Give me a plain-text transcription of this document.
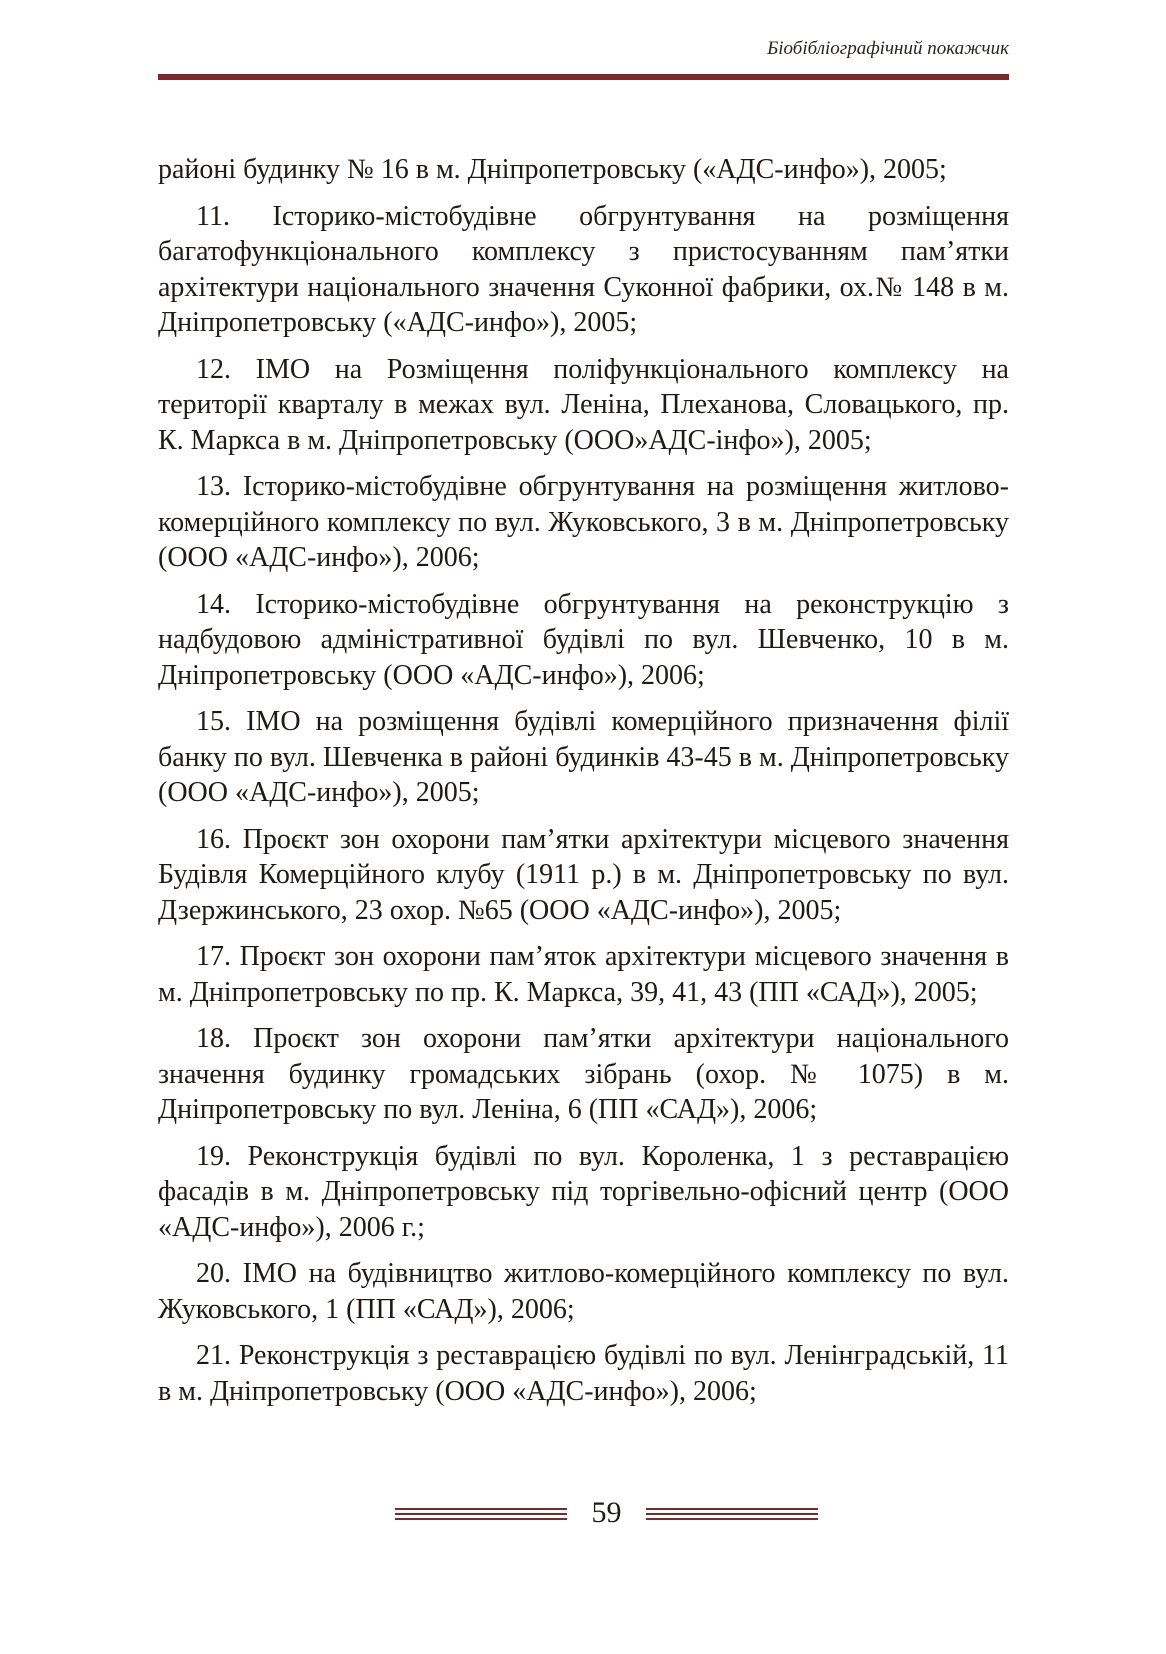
Біобібліографічний покажчик

районі будинку № 16 в м. Дніпропетровську («АДС-инфо»), 2005;

11. Історико-містобудівне обгрунтування на розміщення багатофункціонального комплексу з пристосуванням пам’ятки архітектури національного значення Суконної фабрики, ох.№ 148 в м. Дніпропетровську («АДС-инфо»), 2005;

12. ІМО на Розміщення поліфункціонального комплексу на території кварталу в межах вул. Леніна, Плеханова, Словацького, пр. К. Маркса в м. Дніпропетровську (ООО»АДС-інфо»), 2005;

13. Історико-містобудівне обгрунтування на розміщення житлово-комерційного комплексу по вул. Жуковського, 3 в м. Дніпропетровську (ООО «АДС-инфо»), 2006;

14. Історико-містобудівне обгрунтування на реконструкцію з надбудовою адміністративної будівлі по вул. Шевченко, 10 в м. Дніпропетровську (ООО «АДС-инфо»), 2006;

15. ІМО на розміщення будівлі комерційного призначення філії банку по вул. Шевченка в районі будинків 43-45 в м. Дніпропетровську (ООО «АДС-инфо»), 2005;

16. Проєкт зон охорони пам’ятки архітектури місцевого значення Будівля Комерційного клубу (1911 р.) в м. Дніпропетровську по вул. Дзержинського, 23 охор. №65 (ООО «АДС-инфо»), 2005;

17. Проєкт зон охорони пам’яток архітектури місцевого значення в м. Дніпропетровську по пр. К. Маркса, 39, 41, 43 (ПП «САД»), 2005;

18. Проєкт зон охорони пам’ятки архітектури національного значення будинку громадських зібрань (охор. № 1075) в м. Дніпропетровську по вул. Леніна, 6 (ПП «САД»), 2006;

19. Реконструкція будівлі по вул. Короленка, 1 з реставрацією фасадів в м. Дніпропетровську під торгівельно-офісний центр (ООО «АДС-инфо»), 2006 г.;

20. ІМО на будівництво житлово-комерційного комплексу по вул. Жуковського, 1 (ПП «САД»), 2006;

21. Реконструкція з реставрацією будівлі по вул. Ленінградській, 11 в м. Дніпропетровську (ООО «АДС-инфо»), 2006;

59
